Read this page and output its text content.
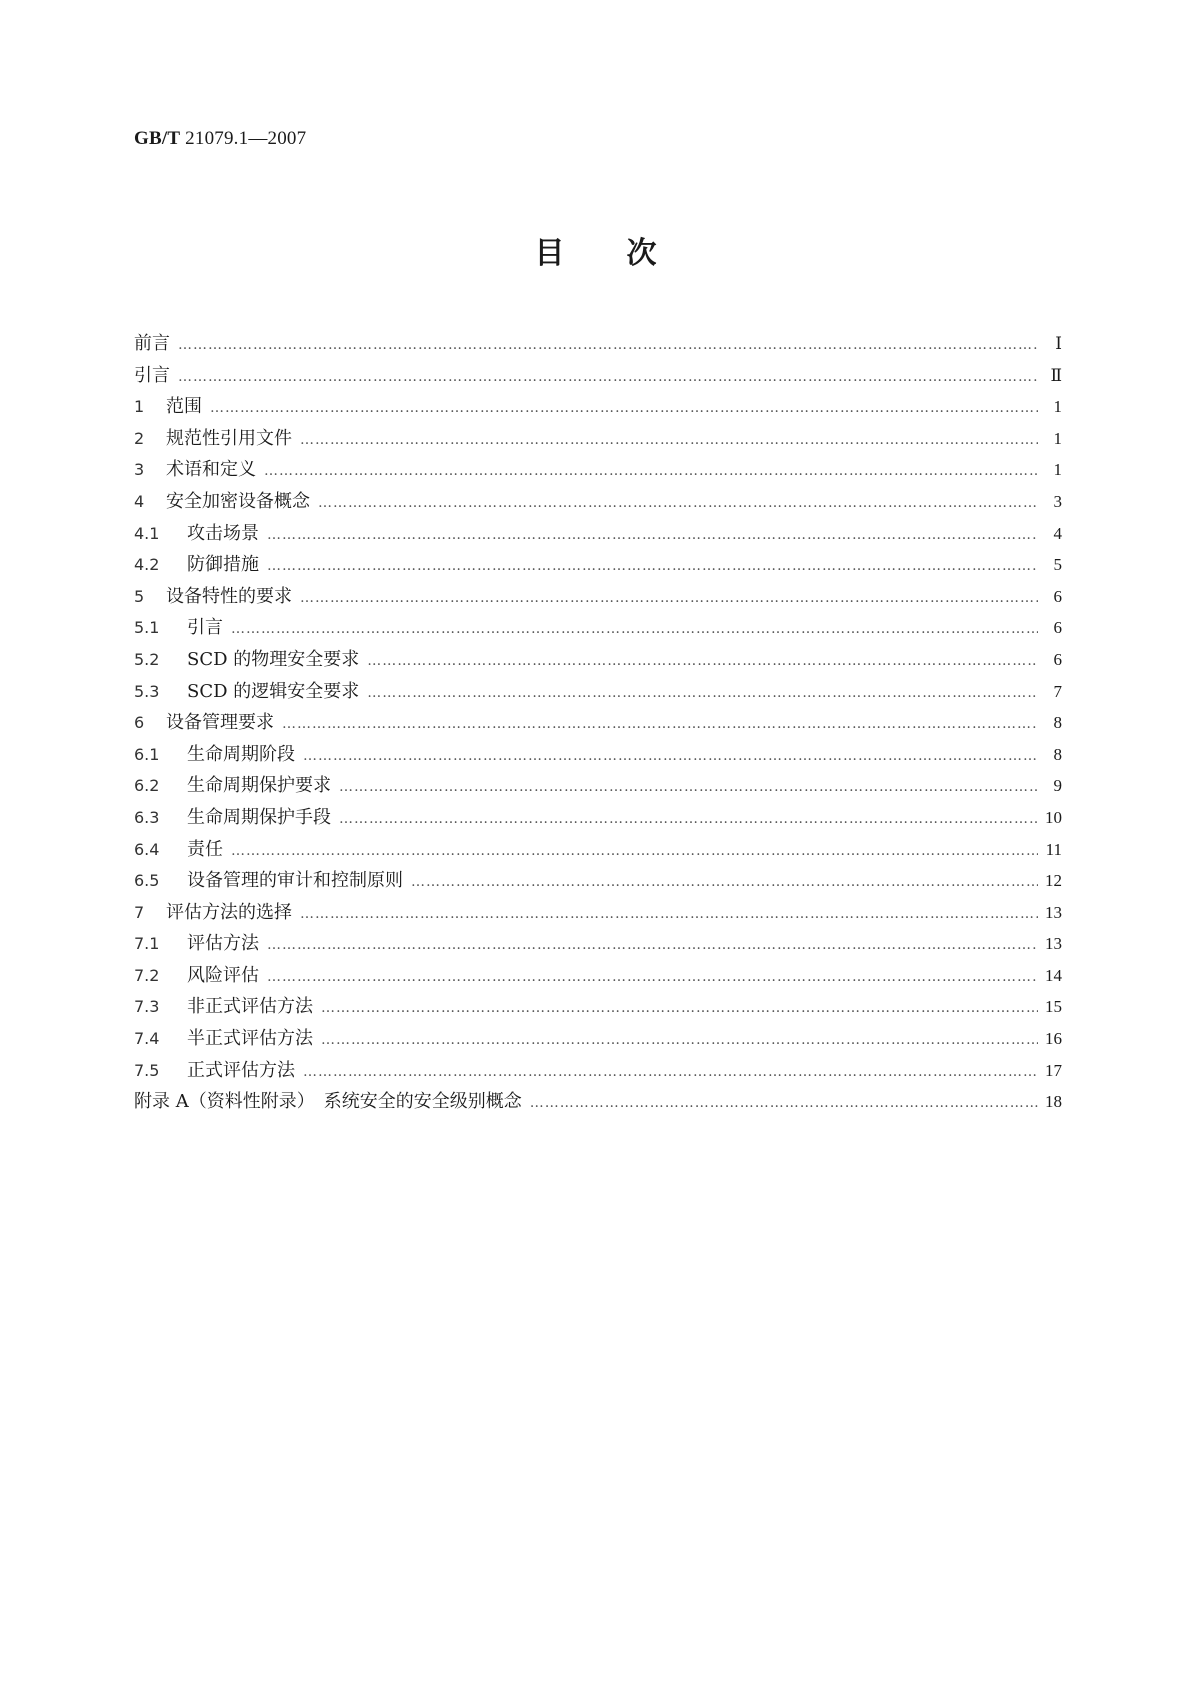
GB/T 21079.1—2007
目次
前言 ……………………………………………………………………………………………………………………………………………………………………………………………………………………	Ⅰ
引言 ……………………………………………………………………………………………………………………………………………………………………………………………………………………	Ⅱ
1	范围 ……………………………………………………………………………………………………………………………………………………………………………………………………………………	1
2	规范性引用文件 ……………………………………………………………………………………………………………………………………………………………………………………………………………………	1
3	术语和定义 ……………………………………………………………………………………………………………………………………………………………………………………………………………………	1
4	安全加密设备概念 ……………………………………………………………………………………………………………………………………………………………………………………………………………………	3
4.1	攻击场景 ……………………………………………………………………………………………………………………………………………………………………………………………………………………	4
4.2	防御措施 ……………………………………………………………………………………………………………………………………………………………………………………………………………………	5
5	设备特性的要求 ……………………………………………………………………………………………………………………………………………………………………………………………………………………	6
5.1	引言 ……………………………………………………………………………………………………………………………………………………………………………………………………………………	6
5.2	SCD 的物理安全要求 ……………………………………………………………………………………………………………………………………………………………………………………………………………………	6
5.3	SCD 的逻辑安全要求 ……………………………………………………………………………………………………………………………………………………………………………………………………………………	7
6	设备管理要求 ……………………………………………………………………………………………………………………………………………………………………………………………………………………	8
6.1	生命周期阶段 ……………………………………………………………………………………………………………………………………………………………………………………………………………………	8
6.2	生命周期保护要求 ……………………………………………………………………………………………………………………………………………………………………………………………………………………	9
6.3	生命周期保护手段 ……………………………………………………………………………………………………………………………………………………………………………………………………………………	10
6.4	责任 ……………………………………………………………………………………………………………………………………………………………………………………………………………………	11
6.5	设备管理的审计和控制原则 ……………………………………………………………………………………………………………………………………………………………………………………………………………………	12
7	评估方法的选择 ……………………………………………………………………………………………………………………………………………………………………………………………………………………	13
7.1	评估方法 ……………………………………………………………………………………………………………………………………………………………………………………………………………………	13
7.2	风险评估 ……………………………………………………………………………………………………………………………………………………………………………………………………………………	14
7.3	非正式评估方法 ……………………………………………………………………………………………………………………………………………………………………………………………………………………	15
7.4	半正式评估方法 ……………………………………………………………………………………………………………………………………………………………………………………………………………………	16
7.5	正式评估方法 ……………………………………………………………………………………………………………………………………………………………………………………………………………………	17
附录 A（资料性附录）　系统安全的安全级别概念 ……………………………………………………………………………………………………………………………………………………………………………………………………………………	18
